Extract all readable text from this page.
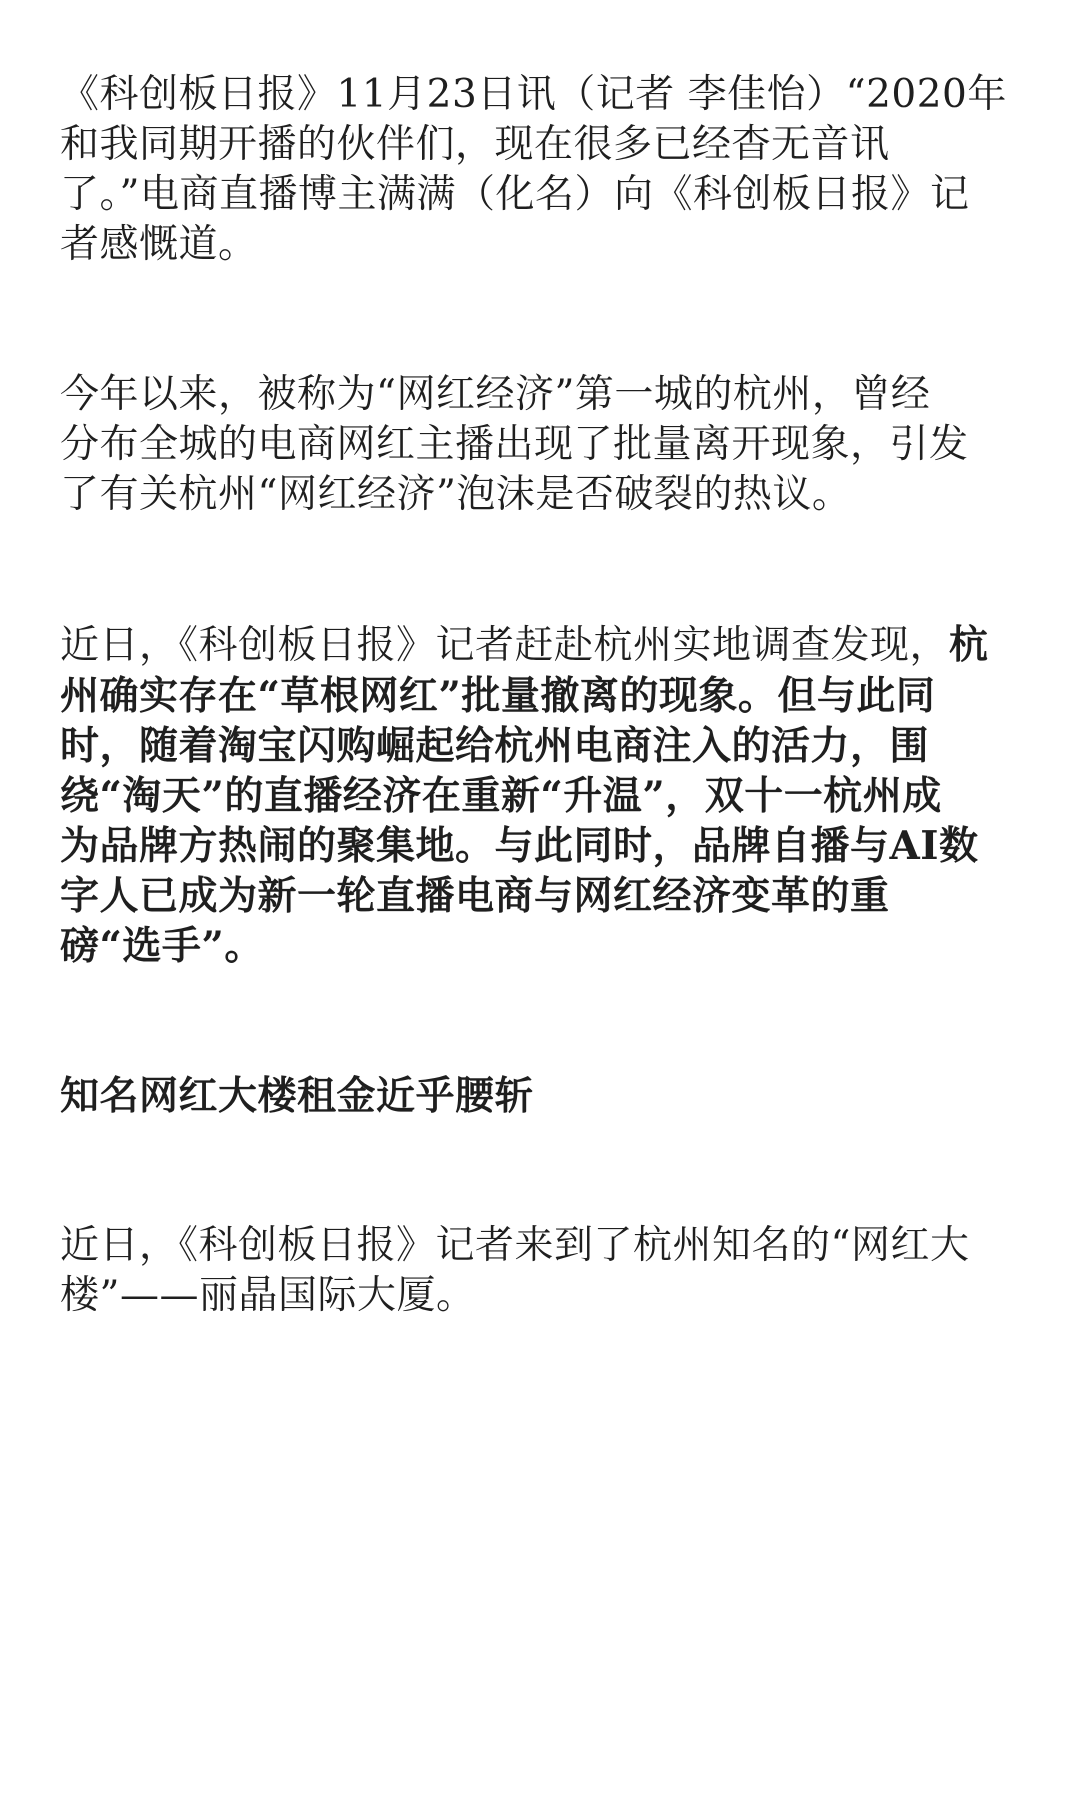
《科创板日报》11月23日讯（记者 李佳怡）“2020年
和我同期开播的伙伴们，现在很多已经杳无音讯
了。”电商直播博主满满（化名）向《科创板日报》记
者感慨道。

今年以来，被称为“网红经济”第一城的杭州，曾经
分布全城的电商网红主播出现了批量离开现象，引发
了有关杭州“网红经济”泡沫是否破裂的热议。

近日，《科创板日报》记者赶赴杭州实地调查发现，杭
州确实存在“草根网红”批量撤离的现象。但与此同
时，随着淘宝闪购崛起给杭州电商注入的活力，围
绕“淘天”的直播经济在重新“升温”，双十一杭州成
为品牌方热闹的聚集地。与此同时，品牌自播与AI数
字人已成为新一轮直播电商与网红经济变革的重
磅“选手”。

知名网红大楼租金近乎腰斩

近日，《科创板日报》记者来到了杭州知名的“网红大
楼”——丽晶国际大厦。
